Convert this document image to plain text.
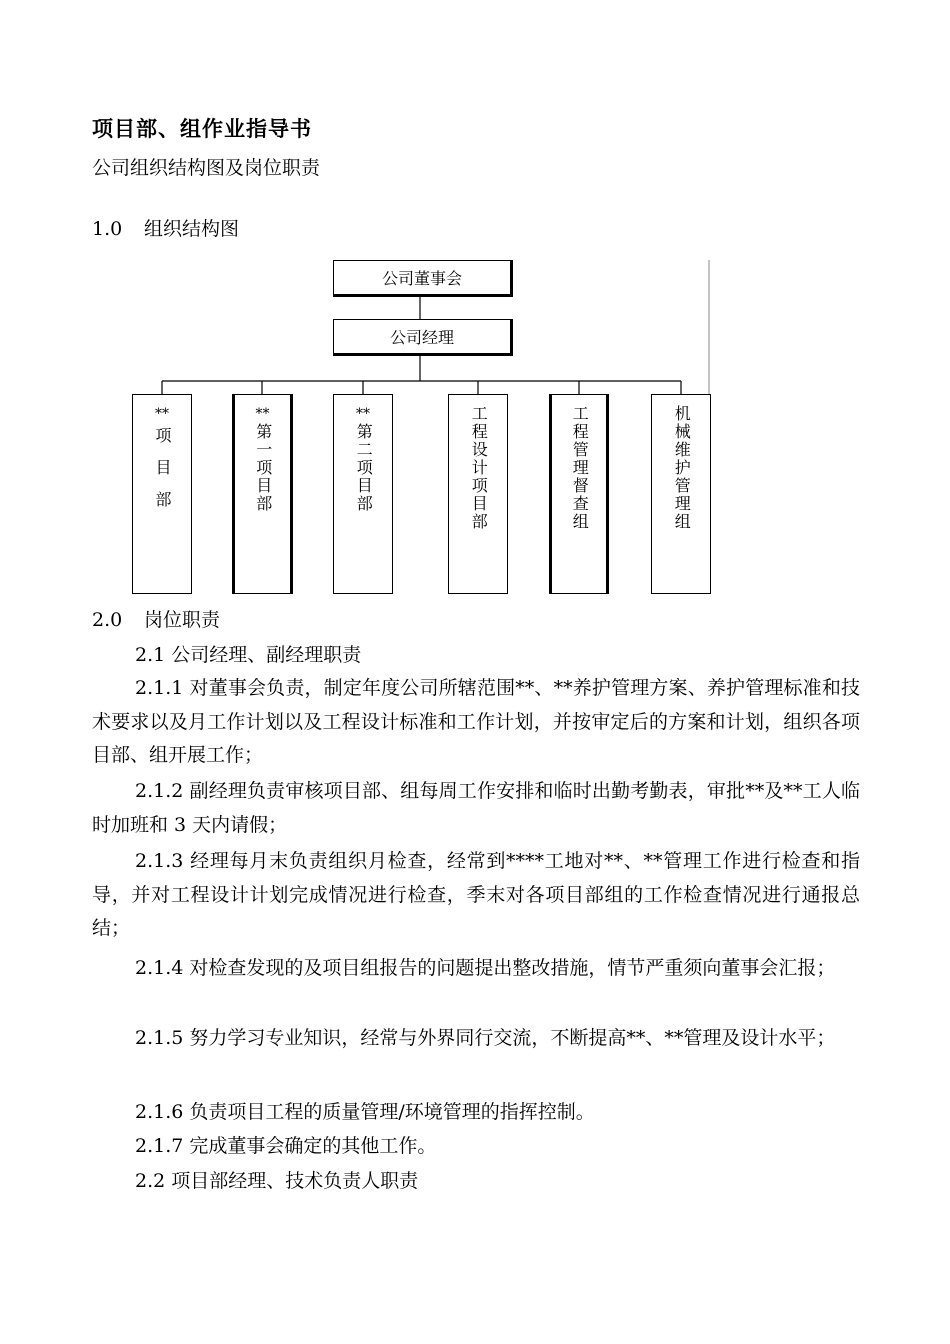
项目部、组作业指导书
公司组织结构图及岗位职责
1.0 组织结构图
公司董事会
公司经理
**
项目部
**
第一项目部
**
第二项目部	工程设计项目部	工程管理督查组	机械维护管理组
2.0 岗位职责
2.1 公司经理、副经理职责
2.1.1 对董事会负责，制定年度公司所辖范围**、**养护管理方案、养护管理标准和技术要求以及月工作计划以及工程设计标准和工作计划，并按审定后的方案和计划，组织各项目部、组开展工作；
2.1.2 副经理负责审核项目部、组每周工作安排和临时出勤考勤表，审批**及**工人临时加班和 3 天内请假；
2.1.3 经理每月末负责组织月检查，经常到****工地对**、**管理工作进行检查和指导，并对工程设计计划完成情况进行检查，季末对各项目部组的工作检查情况进行通报总结；
2.1.4 对检查发现的及项目组报告的问题提出整改措施，情节严重须向董事会汇报；
2.1.5 努力学习专业知识，经常与外界同行交流，不断提高**、**管理及设计水平；
2.1.6 负责项目工程的质量管理/环境管理的指挥控制。
2.1.7 完成董事会确定的其他工作。
2.2 项目部经理、技术负责人职责
